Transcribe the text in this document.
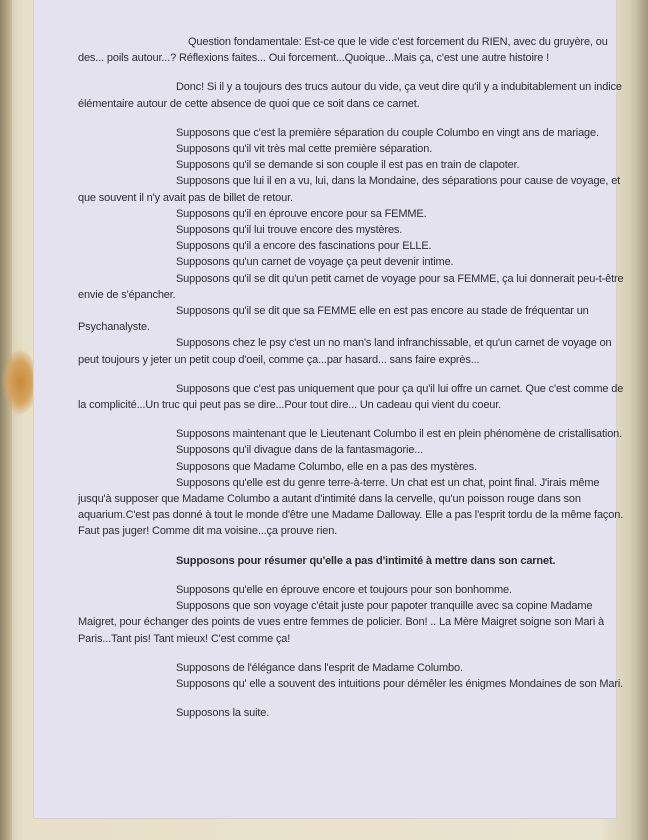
Question fondamentale: Est-ce que le vide c'est forcement du RIEN, avec du gruyère, ou des... poils autour...? Réflexions faites... Oui forcement...Quoique...Mais ça, c'est une autre histoire !

Donc! Si il y a toujours des trucs autour du vide, ça veut dire qu'il y a indubitablement un indice élémentaire autour de cette absence de quoi que ce soit dans ce carnet.

Supposons que c'est la première séparation du couple Columbo en vingt ans de mariage.

Supposons qu'il vit très mal cette première séparation.

Supposons qu'il se demande si son couple il est pas en train de clapoter.

Supposons que lui il en a vu, lui, dans la Mondaine, des séparations pour cause de voyage, et que souvent il n'y avait pas de billet de retour.

Supposons qu'il en éprouve encore pour sa FEMME.

Supposons qu'il lui trouve encore des mystères.

Supposons qu'il a encore des fascinations pour ELLE.

Supposons qu'un carnet de voyage ça peut devenir intime.

Supposons qu'il se dit qu'un petit carnet de voyage pour sa FEMME, ça lui donnerait peu-t-être envie de s'épancher.

Supposons qu'il se dit que sa FEMME elle en est pas encore au stade de fréquentar un Psychanalyste.

Supposons chez le psy c'est un no man's land infranchissable, et qu'un carnet de voyage on peut toujours y jeter un petit coup d'oeil, comme ça...par hasard... sans faire exprès...

Supposons que c'est pas uniquement que pour ça qu'il lui offre un carnet. Que c'est comme de la complicité...Un truc qui peut pas se dire...Pour tout dire... Un cadeau qui vient du coeur.

Supposons maintenant que le Lieutenant Columbo il est en plein phénomène de cristallisation.

Supposons qu'il divague dans de la fantasmagorie...

Supposons que Madame Columbo, elle en a pas des mystères.

Supposons qu'elle est du genre terre-à-terre. Un chat est un chat, point final. J'irais même jusqu'à supposer que Madame Columbo a autant d'intimité dans la cervelle, qu'un poisson rouge dans son aquarium.C'est pas donné à tout le monde d'être une Madame Dalloway. Elle a pas l'esprit tordu de la même façon. Faut pas juger! Comme dit ma voisine...ça prouve rien.

Supposons pour résumer qu'elle a pas d'intimité à mettre dans son carnet.

Supposons qu'elle en éprouve encore et toujours pour son bonhomme.

Supposons que son voyage c'était juste pour papoter tranquille avec sa copine Madame Maigret, pour échanger des points de vues entre femmes de policier. Bon! .. La Mère Maigret soigne son Mari à Paris...Tant pis! Tant mieux! C'est comme ça!

Supposons de l'élégance dans l'esprit de Madame Columbo.

Supposons qu' elle a souvent des intuitions pour démêler les énigmes Mondaines de son Mari.

Supposons la suite.
